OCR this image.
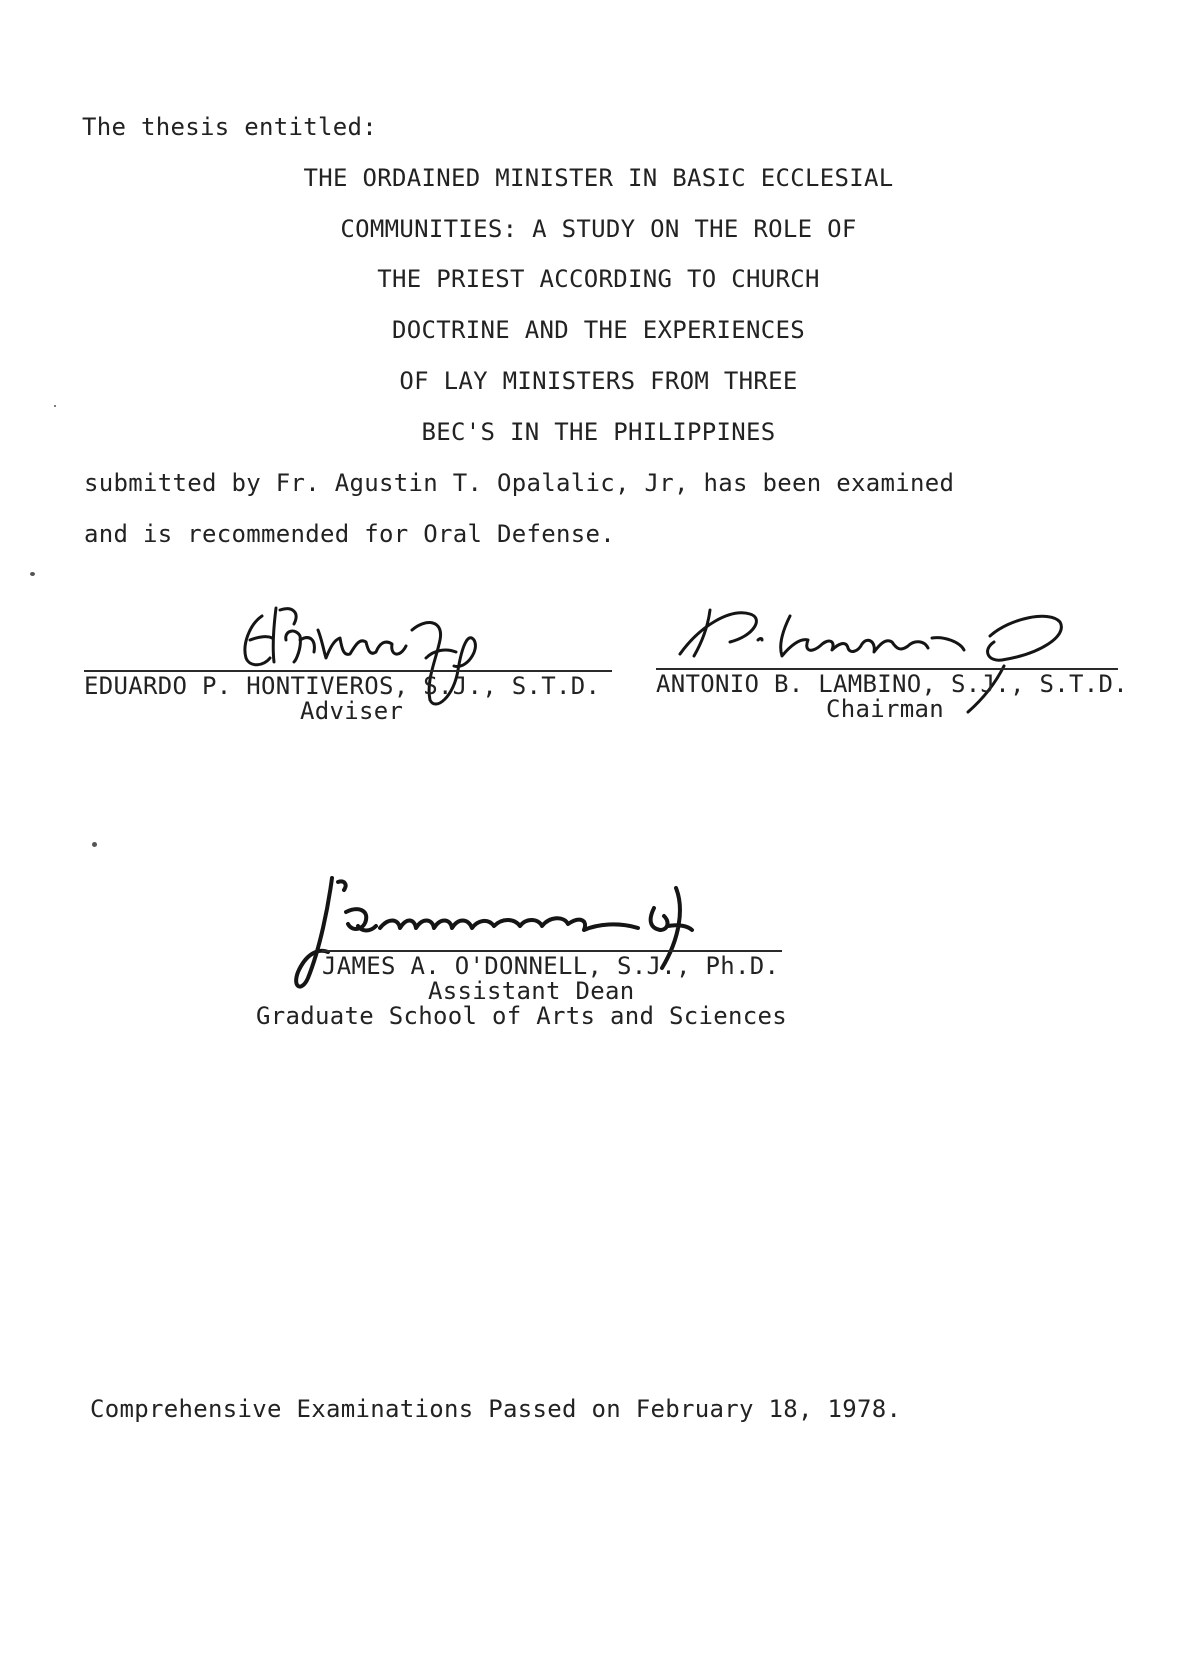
The thesis entitled:
THE ORDAINED MINISTER IN BASIC ECCLESIAL
COMMUNITIES: A STUDY ON THE ROLE OF
THE PRIEST ACCORDING TO CHURCH
DOCTRINE AND THE EXPERIENCES
OF LAY MINISTERS FROM THREE
BEC'S IN THE PHILIPPINES
submitted by Fr. Agustin T. Opalalic, Jr, has been examined
and is recommended for Oral Defense.
EDUARDO P. HONTIVEROS, S.J., S.T.D.
Adviser
ANTONIO B. LAMBINO, S.J., S.T.D.
Chairman
JAMES A. O'DONNELL, S.J., Ph.D.
Assistant Dean
Graduate School of Arts and Sciences
Comprehensive Examinations Passed on February 18, 1978.
